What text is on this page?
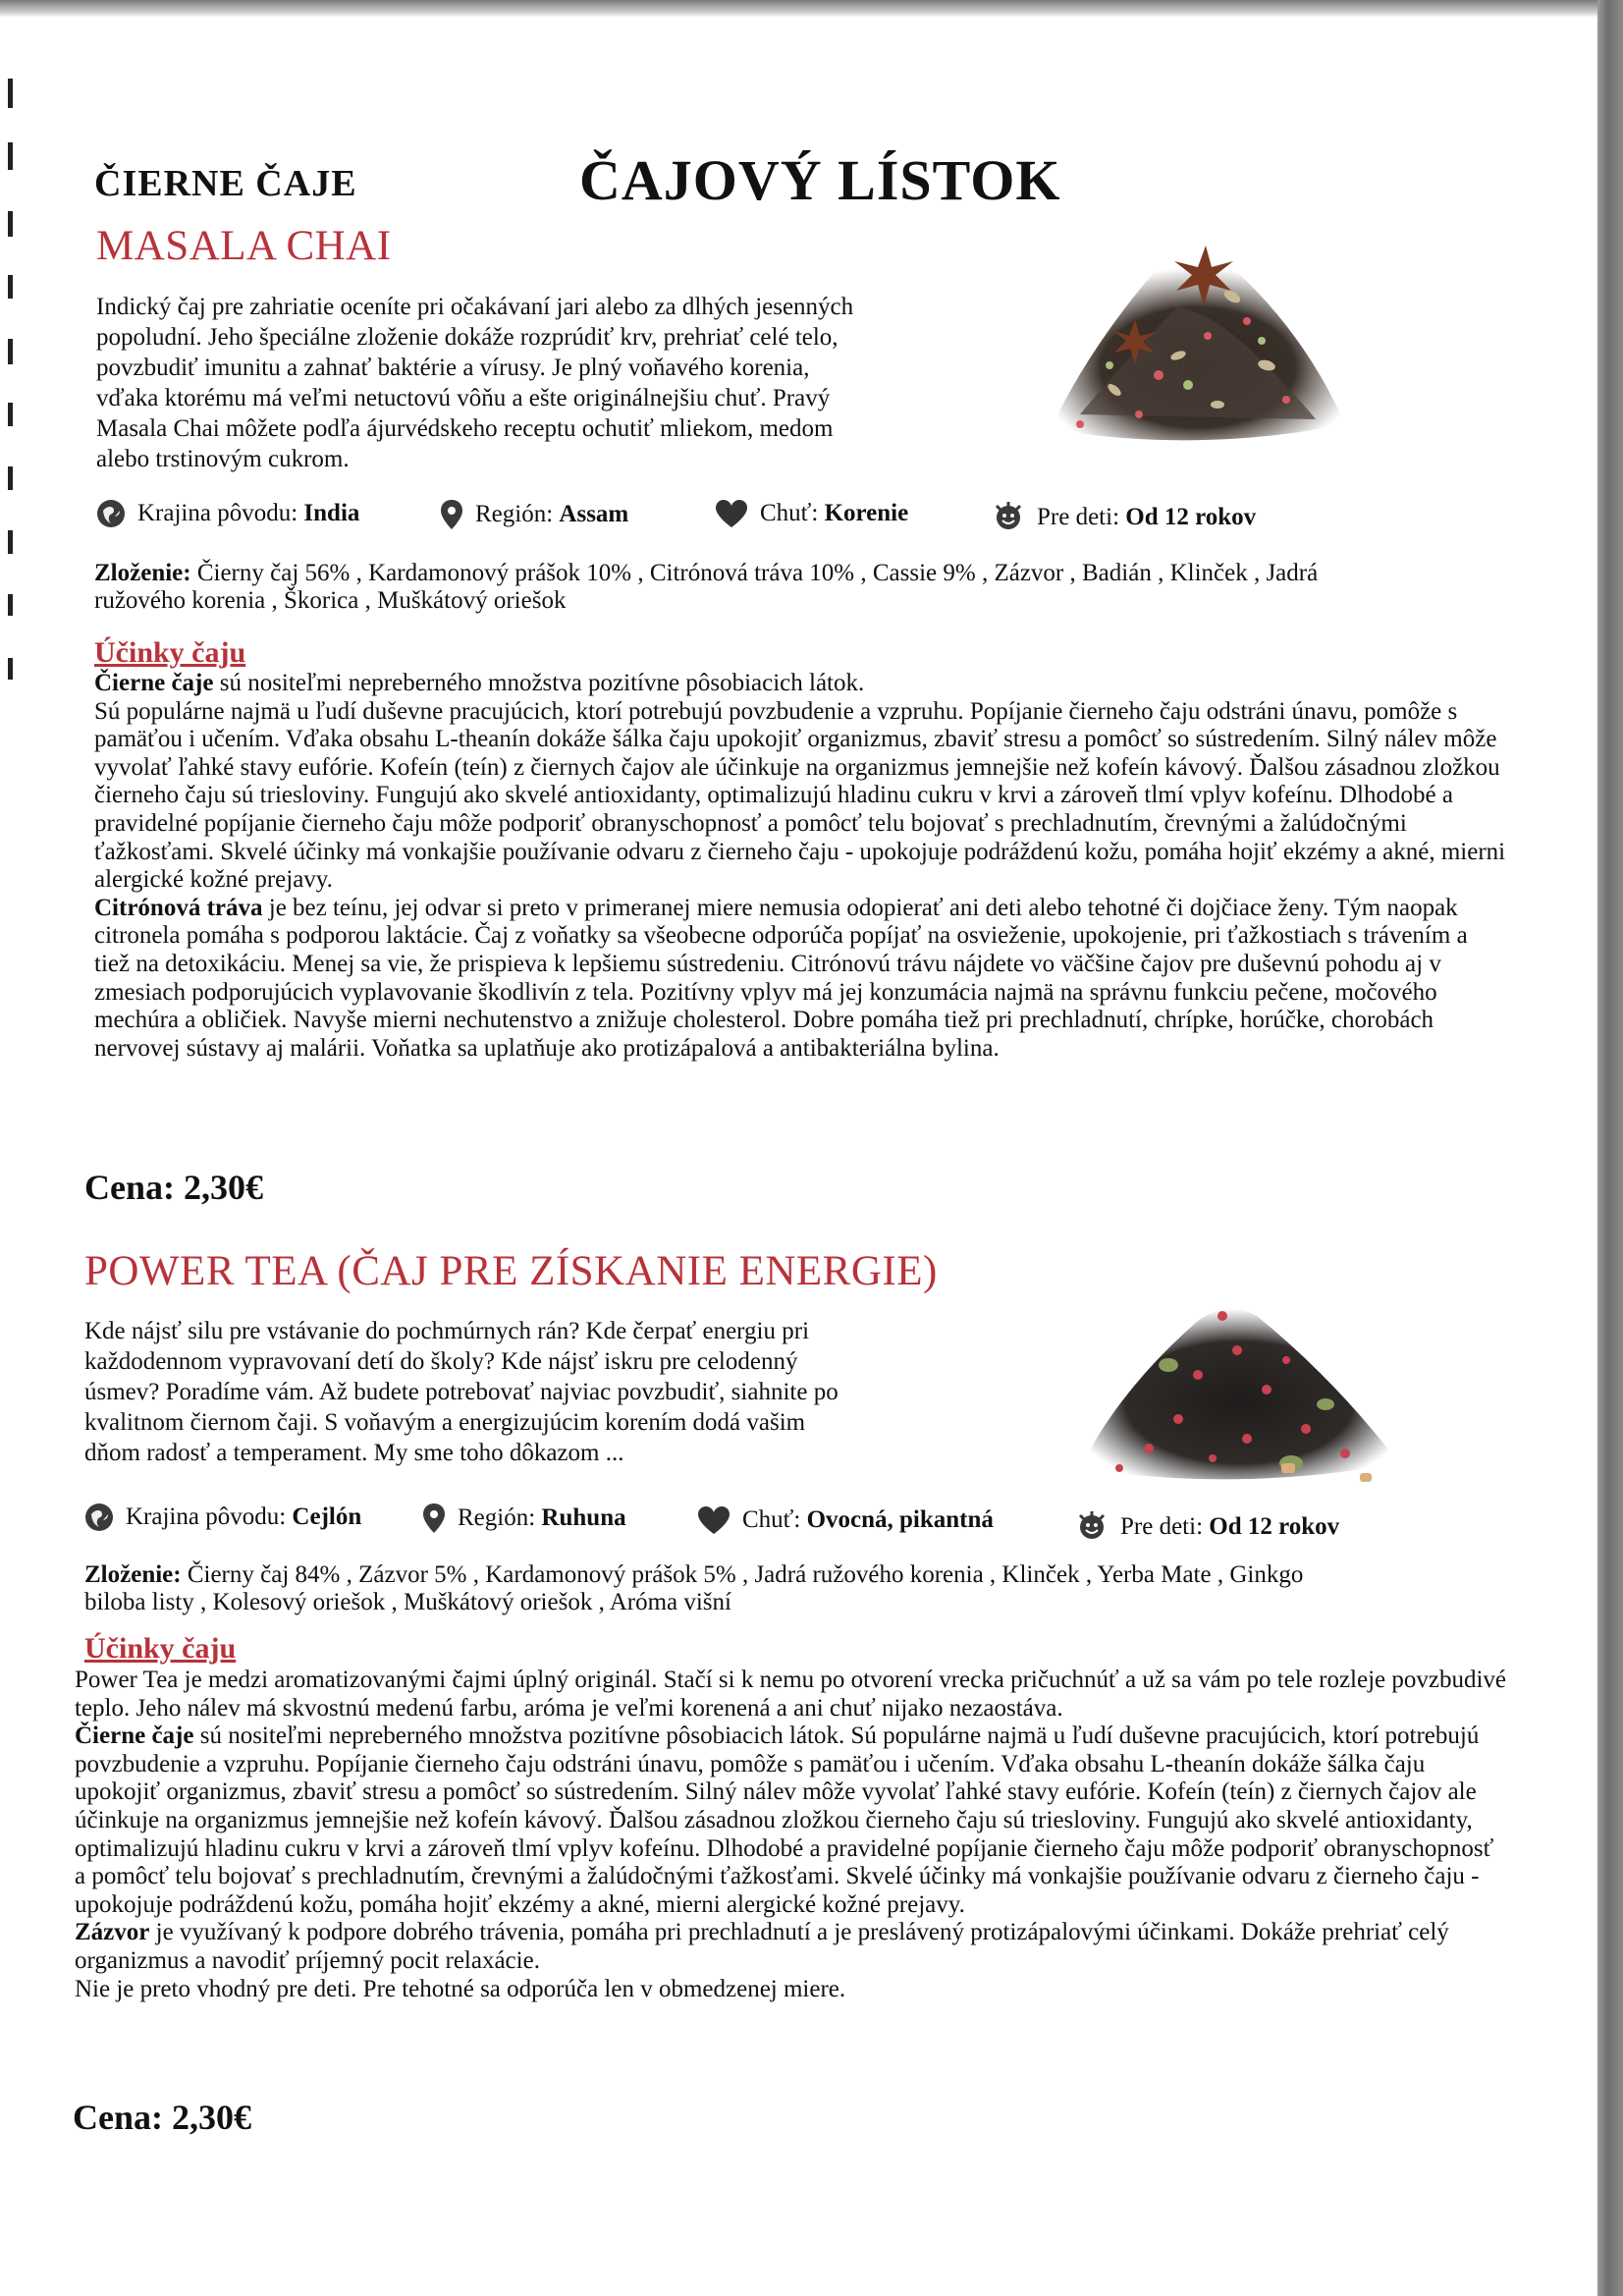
ČIERNE ČAJE	ČAJOVÝ LÍSTOK
MASALA CHAI
Indický čaj pre zahriatie oceníte pri očakávaní jari alebo za dlhých jesenných
popoludní. Jeho špeciálne zloženie dokáže rozprúdiť krv, prehriať celé telo,
povzbudiť imunitu a zahnať baktérie a vírusy. Je plný voňavého korenia,
vďaka ktorému má veľmi netuctovú vôňu a ešte originálnejšiu chuť. Pravý
Masala Chai môžete podľa ájurvédskeho receptu ochutiť mliekom, medom
alebo trstinovým cukrom.
Krajina pôvodu:
India	Región:
Assam	Chuť:
Korenie	Pre deti:
Od 12 rokov
Zloženie: Čierny čaj 56% , Kardamonový prášok 10% , Citrónová tráva 10% , Cassie 9% , Zázvor , Badián , Klinček , Jadrá
ružového korenia , Škorica , Muškátový oriešok
Účinky čaju

Čierne čaje sú nositeľmi nepreberného množstva pozitívne pôsobiacich látok.

Sú populárne najmä u ľudí duševne pracujúcich, ktorí potrebujú povzbudenie a vzpruhu. Popíjanie čierneho čaju odstráni únavu, pomôže s pamäťou i učením. Vďaka obsahu L-theanín dokáže šálka čaju upokojiť organizmus, zbaviť stresu a pomôcť so sústredením. Silný nálev môže vyvolať ľahké stavy eufórie. Kofeín (teín) z čiernych čajov ale účinkuje na organizmus jemnejšie než kofeín kávový. Ďalšou zásadnou zložkou čierneho čaju sú triesloviny. Fungujú ako skvelé antioxidanty, optimalizujú hladinu cukru v krvi a zároveň tlmí vplyv kofeínu. Dlhodobé a pravidelné popíjanie čierneho čaju môže podporiť obranyschopnosť a pomôcť telu bojovať s prechladnutím, črevnými a žalúdočnými ťažkosťami. Skvelé účinky má vonkajšie používanie odvaru z čierneho čaju - upokojuje podráždenú kožu, pomáha hojiť ekzémy a akné, mierni alergické kožné prejavy.

Citrónová tráva je bez teínu, jej odvar si preto v primeranej miere nemusia odopierať ani deti alebo tehotné či dojčiace ženy. Tým naopak citronela pomáha s podporou laktácie. Čaj z voňatky sa všeobecne odporúča popíjať na osvieženie, upokojenie, pri ťažkostiach s trávením a tiež na detoxikáciu. Menej sa vie, že prispieva k lepšiemu sústredeniu. Citrónovú trávu nájdete vo väčšine čajov pre duševnú pohodu aj v zmesiach podporujúcich vyplavovanie škodlivín z tela. Pozitívny vplyv má jej konzumácia najmä na správnu funkciu pečene, močového mechúra a obličiek. Navyše mierni nechutenstvo a znižuje cholesterol. Dobre pomáha tiež pri prechladnutí, chrípke, horúčke, chorobách nervovej sústavy aj malárii. Voňatka sa uplatňuje ako protizápalová a antibakteriálna bylina.

Cena: 2,30€
POWER TEA (ČAJ PRE ZÍSKANIE ENERGIE)
Kde nájsť silu pre vstávanie do pochmúrnych rán? Kde čerpať energiu pri
každodennom vypravovaní detí do školy? Kde nájsť iskru pre celodenný
úsmev? Poradíme vám. Až budete potrebovať najviac povzbudiť, siahnite po
kvalitnom čiernom čaji. S voňavým a energizujúcim korením dodá vašim
dňom radosť a temperament. My sme toho dôkazom ...
Krajina pôvodu:
Cejlón	Región:
Ruhuna	Chuť:
Ovocná, pikantná	Pre deti:
Od 12 rokov
Zloženie: Čierny čaj 84% , Zázvor 5% , Kardamonový prášok 5% , Jadrá ružového korenia , Klinček , Yerba Mate , Ginkgo
biloba listy , Kolesový oriešok , Muškátový oriešok , Aróma višní
Účinky čaju

Power Tea je medzi aromatizovanými čajmi úplný originál. Stačí si k nemu po otvorení vrecka pričuchnúť a už sa vám po tele rozleje povzbudivé teplo. Jeho nálev má skvostnú medenú farbu, aróma je veľmi korenená a ani chuť nijako nezaostáva.

Čierne čaje sú nositeľmi nepreberného množstva pozitívne pôsobiacich látok. Sú populárne najmä u ľudí duševne pracujúcich, ktorí potrebujú povzbudenie a vzpruhu. Popíjanie čierneho čaju odstráni únavu, pomôže s pamäťou i učením. Vďaka obsahu L-theanín dokáže šálka čaju upokojiť organizmus, zbaviť stresu a pomôcť so sústredením. Silný nálev môže vyvolať ľahké stavy eufórie. Kofeín (teín) z čiernych čajov ale účinkuje na organizmus jemnejšie než kofeín kávový. Ďalšou zásadnou zložkou čierneho čaju sú triesloviny. Fungujú ako skvelé antioxidanty, optimalizujú hladinu cukru v krvi a zároveň tlmí vplyv kofeínu. Dlhodobé a pravidelné popíjanie čierneho čaju môže podporiť obranyschopnosť a pomôcť telu bojovať s prechladnutím, črevnými a žalúdočnými ťažkosťami. Skvelé účinky má vonkajšie používanie odvaru z čierneho čaju - upokojuje podráždenú kožu, pomáha hojiť ekzémy a akné, mierni alergické kožné prejavy.

Zázvor je využívaný k podpore dobrého trávenia, pomáha pri prechladnutí a je preslávený protizápalovými účinkami. Dokáže prehriať celý organizmus a navodiť príjemný pocit relaxácie.

Nie je preto vhodný pre deti. Pre tehotné sa odporúča len v obmedzenej miere.

Cena: 2,30€
